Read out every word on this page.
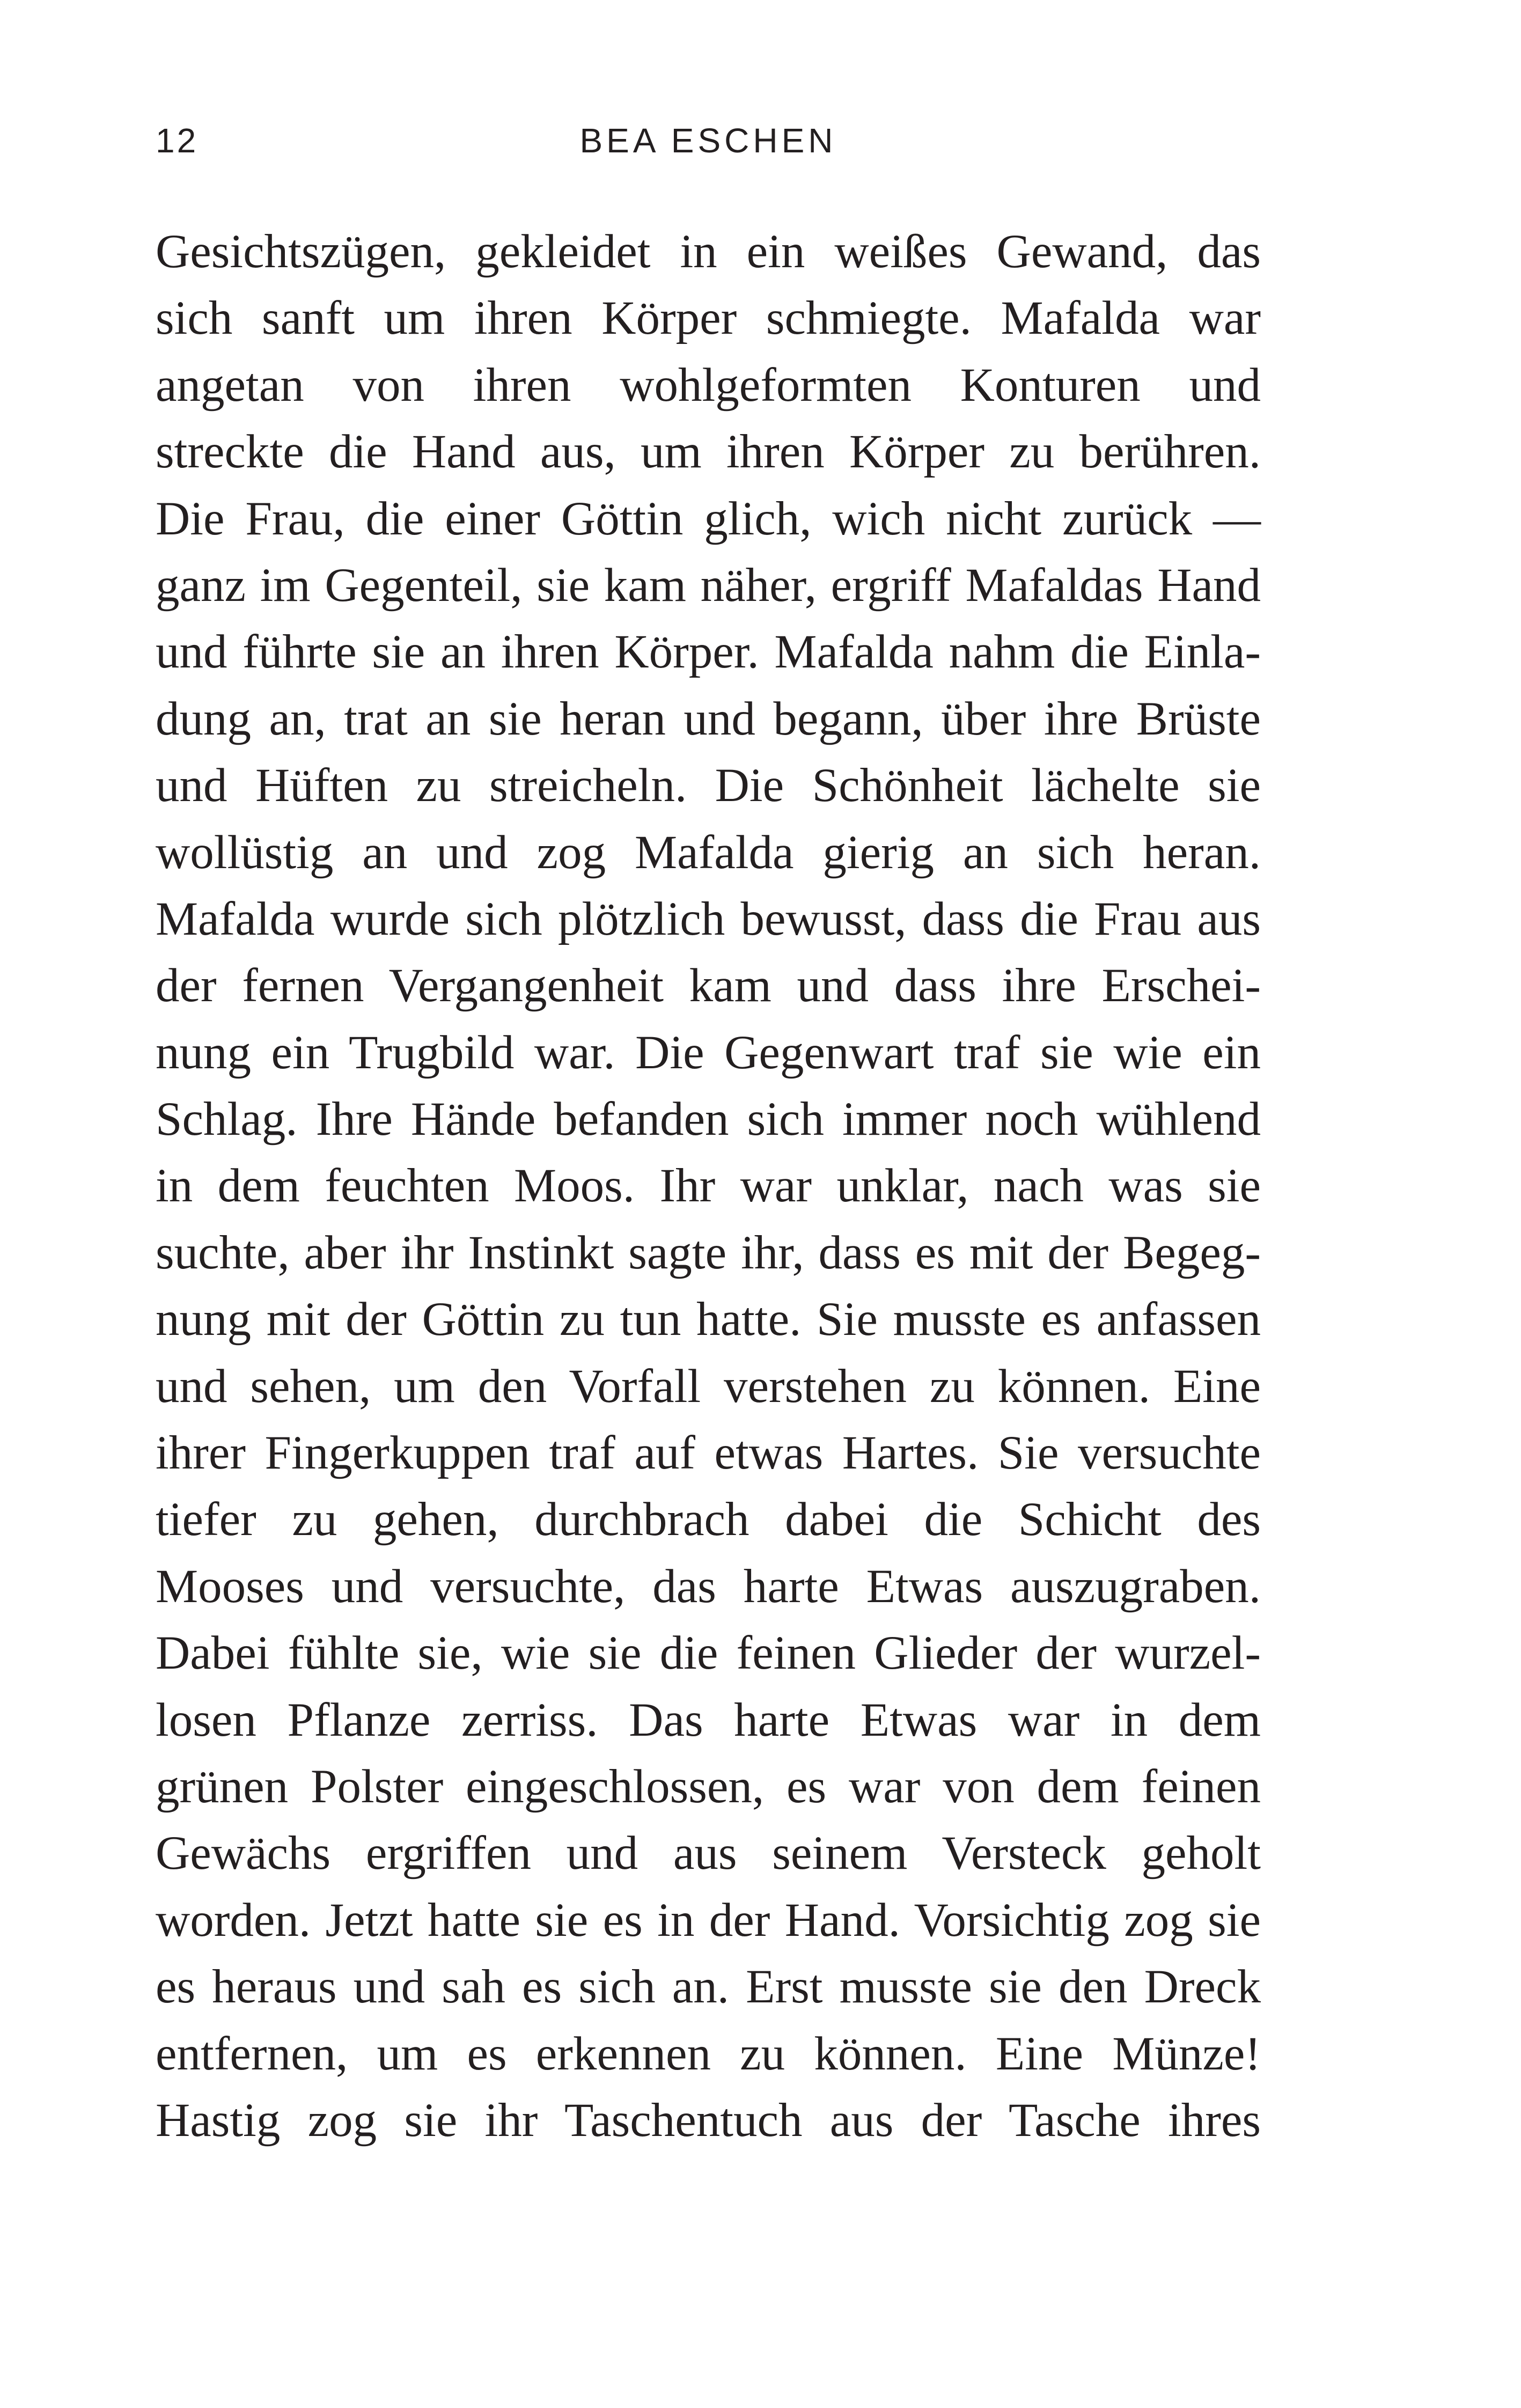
12	BEA ESCHEN
Gesichtszügen, gekleidet in ein weißes Gewand, das
sich sanft um ihren Körper schmiegte. Mafalda war
angetan von ihren wohlgeformten Konturen und
streckte die Hand aus, um ihren Körper zu berühren.
Die Frau, die einer Göttin glich, wich nicht zurück —
ganz im Gegenteil, sie kam näher, ergriff Mafaldas Hand
und führte sie an ihren Körper. Mafalda nahm die Einla-
dung an, trat an sie heran und begann, über ihre Brüste
und Hüften zu streicheln. Die Schönheit lächelte sie
wollüstig an und zog Mafalda gierig an sich heran.
Mafalda wurde sich plötzlich bewusst, dass die Frau aus
der fernen Vergangenheit kam und dass ihre Erschei-
nung ein Trugbild war. Die Gegenwart traf sie wie ein
Schlag. Ihre Hände befanden sich immer noch wühlend
in dem feuchten Moos. Ihr war unklar, nach was sie
suchte, aber ihr Instinkt sagte ihr, dass es mit der Begeg-
nung mit der Göttin zu tun hatte. Sie musste es anfassen
und sehen, um den Vorfall verstehen zu können. Eine
ihrer Fingerkuppen traf auf etwas Hartes. Sie versuchte
tiefer zu gehen, durchbrach dabei die Schicht des
Mooses und versuchte, das harte Etwas auszugraben.
Dabei fühlte sie, wie sie die feinen Glieder der wurzel-
losen Pflanze zerriss. Das harte Etwas war in dem
grünen Polster eingeschlossen, es war von dem feinen
Gewächs ergriffen und aus seinem Versteck geholt
worden. Jetzt hatte sie es in der Hand. Vorsichtig zog sie
es heraus und sah es sich an. Erst musste sie den Dreck
entfernen, um es erkennen zu können. Eine Münze!
Hastig zog sie ihr Taschentuch aus der Tasche ihres
